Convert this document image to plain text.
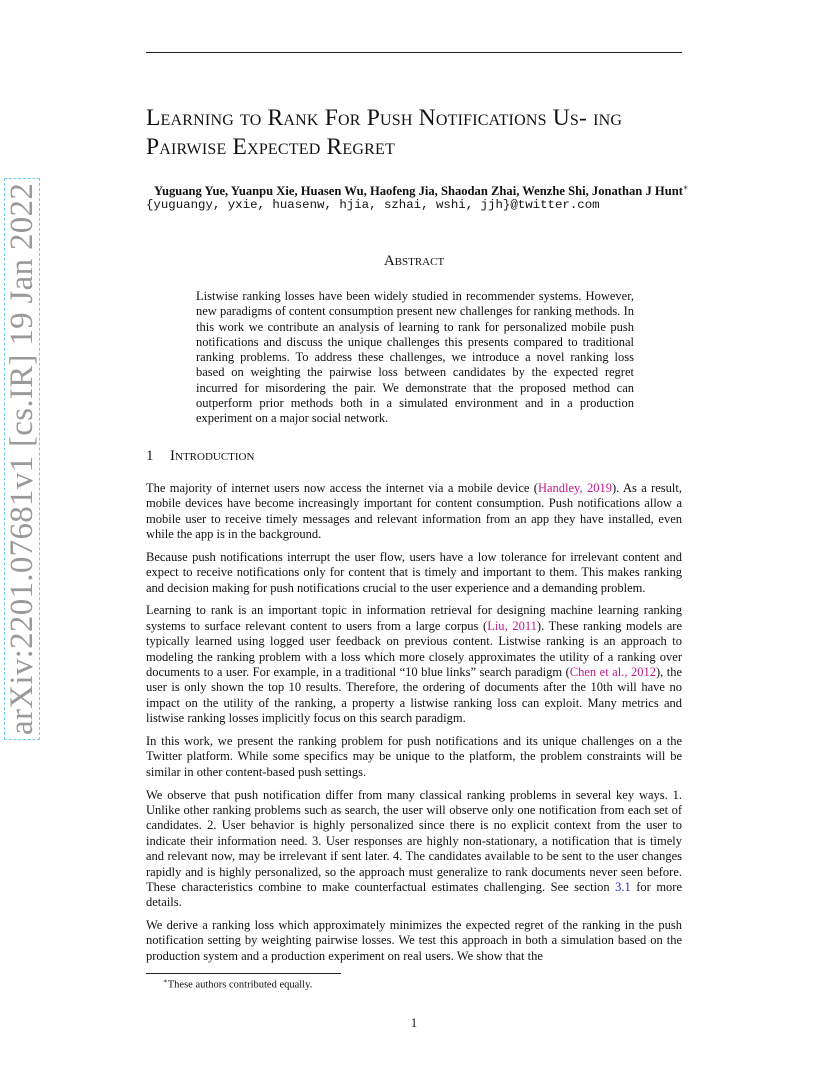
arXiv:2201.07681v1 [cs.IR] 19 Jan 2022
Learning to Rank For Push Notifications Us- ing Pairwise Expected Regret
Yuguang Yue, Yuanpu Xie, Huasen Wu, Haofeng Jia, Shaodan Zhai, Wenzhe Shi, Jonathan J Hunt∗
{yuguangy, yxie, huasenw, hjia, szhai, wshi, jjh}@twitter.com
Abstract
Listwise ranking losses have been widely studied in recommender systems. However, new paradigms of content consumption present new challenges for ranking methods. In this work we contribute an analysis of learning to rank for personalized mobile push notifications and discuss the unique challenges this presents compared to traditional ranking problems. To address these challenges, we introduce a novel ranking loss based on weighting the pairwise loss between candidates by the expected regret incurred for misordering the pair. We demonstrate that the proposed method can outperform prior methods both in a simulated environment and in a production experiment on a major social network.
1 Introduction

The majority of internet users now access the internet via a mobile device (Handley, 2019). As a result, mobile devices have become increasingly important for content consumption. Push notifications allow a mobile user to receive timely messages and relevant information from an app they have installed, even while the app is in the background.

Because push notifications interrupt the user flow, users have a low tolerance for irrelevant content and expect to receive notifications only for content that is timely and important to them. This makes ranking and decision making for push notifications crucial to the user experience and a demanding problem.

Learning to rank is an important topic in information retrieval for designing machine learning ranking systems to surface relevant content to users from a large corpus (Liu, 2011). These ranking models are typically learned using logged user feedback on previous content. Listwise ranking is an approach to modeling the ranking problem with a loss which more closely approximates the utility of a ranking over documents to a user. For example, in a traditional “10 blue links” search paradigm (Chen et al., 2012), the user is only shown the top 10 results. Therefore, the ordering of documents after the 10th will have no impact on the utility of the ranking, a property a listwise ranking loss can exploit. Many metrics and listwise ranking losses implicitly focus on this search paradigm.

In this work, we present the ranking problem for push notifications and its unique challenges on a the Twitter platform. While some specifics may be unique to the platform, the problem constraints will be similar in other content-based push settings.

We observe that push notification differ from many classical ranking problems in several key ways. 1. Unlike other ranking problems such as search, the user will observe only one notification from each set of candidates. 2. User behavior is highly personalized since there is no explicit context from the user to indicate their information need. 3. User responses are highly non-stationary, a notification that is timely and relevant now, may be irrelevant if sent later. 4. The candidates available to be sent to the user changes rapidly and is highly personalized, so the approach must generalize to rank documents never seen before. These characteristics combine to make counterfactual estimates challenging. See section 3.1 for more details.

We derive a ranking loss which approximately minimizes the expected regret of the ranking in the push notification setting by weighting pairwise losses. We test this approach in both a simulation based on the production system and a production experiment on real users. We show that the

∗These authors contributed equally.
1
